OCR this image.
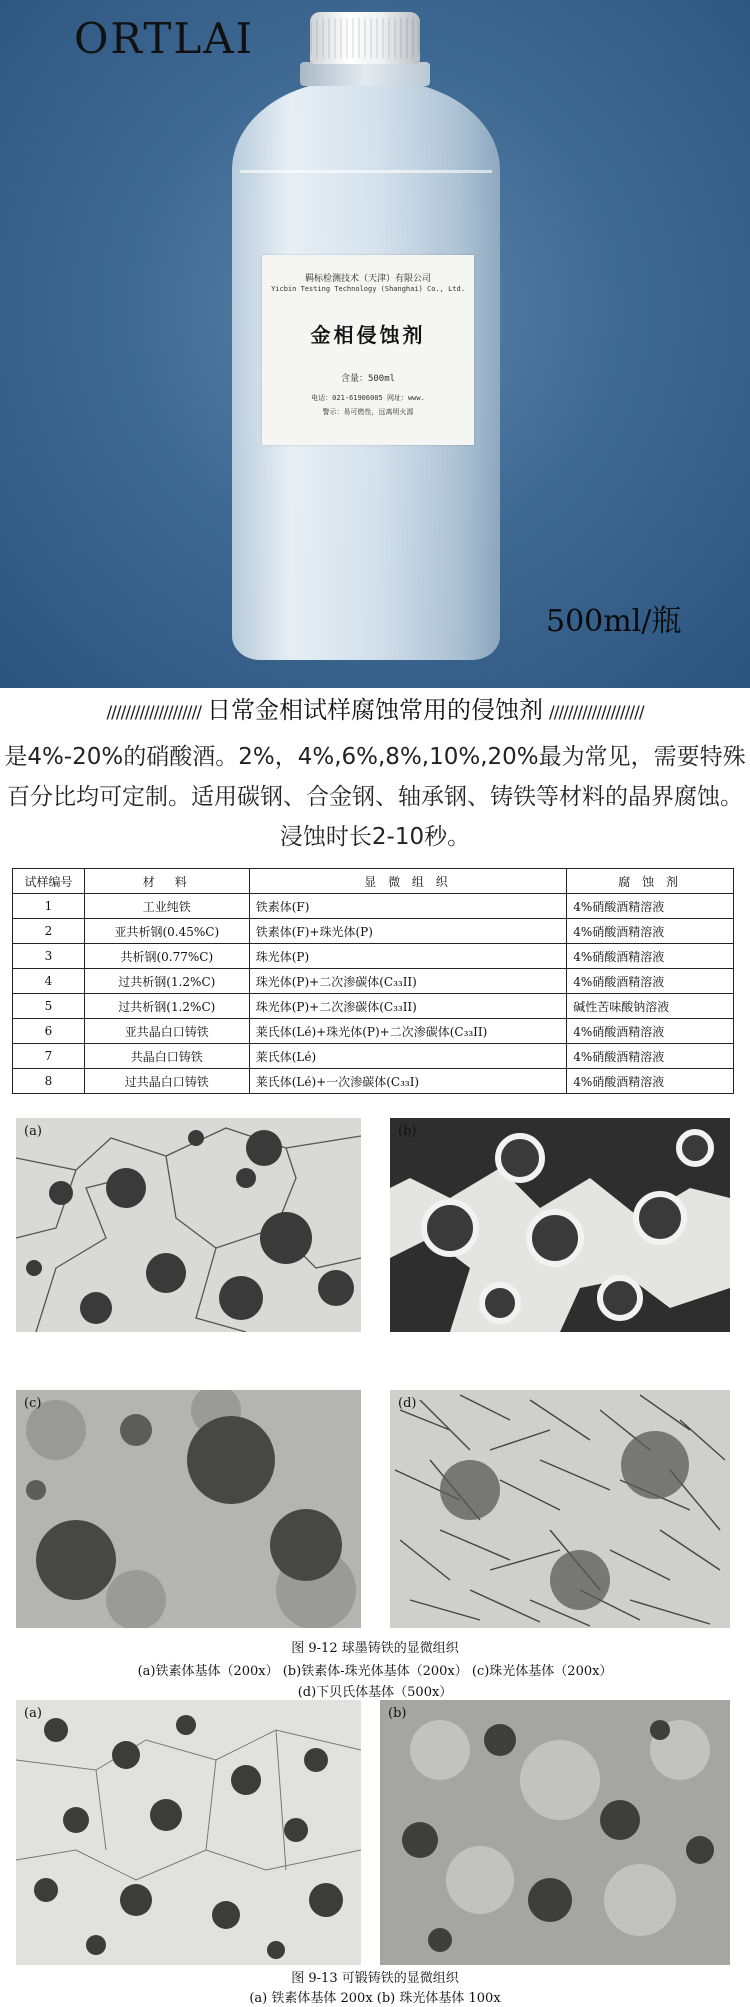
羁标检测技术（天津）有限公司
Yicbin Testing Technology (Shanghai) Co., Ltd.
金相侵蚀剂
含量：500ml
电话：021-61906005 网址：www.
警示：易可燃性，远离明火源
ORTLAI
500ml/瓶
//////////////////// 日常金相试样腐蚀常用的侵蚀剂 ////////////////////
是4%-20%的硝酸酒。2%，4%,6%,8%,10%,20%最为常见，需要特殊
百分比均可定制。适用碳钢、合金钢、轴承钢、铸铁等材料的晶界腐蚀。
浸蚀时长2-10秒。
试样编号	材　料	显 微 组 织	腐 蚀 剂
1	工业纯铁	铁素体(F)	4%硝酸酒精溶液
2	亚共析钢(0.45%C)	铁素体(F)+珠光体(P)	4%硝酸酒精溶液
3	共析钢(0.77%C)	珠光体(P)	4%硝酸酒精溶液
4	过共析钢(1.2%C)	珠光体(P)+二次渗碳体(C₃₃II)	4%硝酸酒精溶液
5	过共析钢(1.2%C)	珠光体(P)+二次渗碳体(C₃₃II)	碱性苦味酸钠溶液
6	亚共晶白口铸铁	莱氏体(Lé)+珠光体(P)+二次渗碳体(C₃₃II)	4%硝酸酒精溶液
7	共晶白口铸铁	莱氏体(Lé)	4%硝酸酒精溶液
8	过共晶白口铸铁	莱氏体(Lé)+一次渗碳体(C₃₃I)	4%硝酸酒精溶液
(a)	(b)
(c)	(d)
图 9-12 球墨铸铁的显微组织
(a)铁素体基体（200x） (b)铁素体-珠光体基体（200x） (c)珠光体基体（200x）
(d)下贝氏体基体（500x）
(a)	(b)
图 9-13 可锻铸铁的显微组织
(a) 铁素体基体 200x (b) 珠光体基体 100x
